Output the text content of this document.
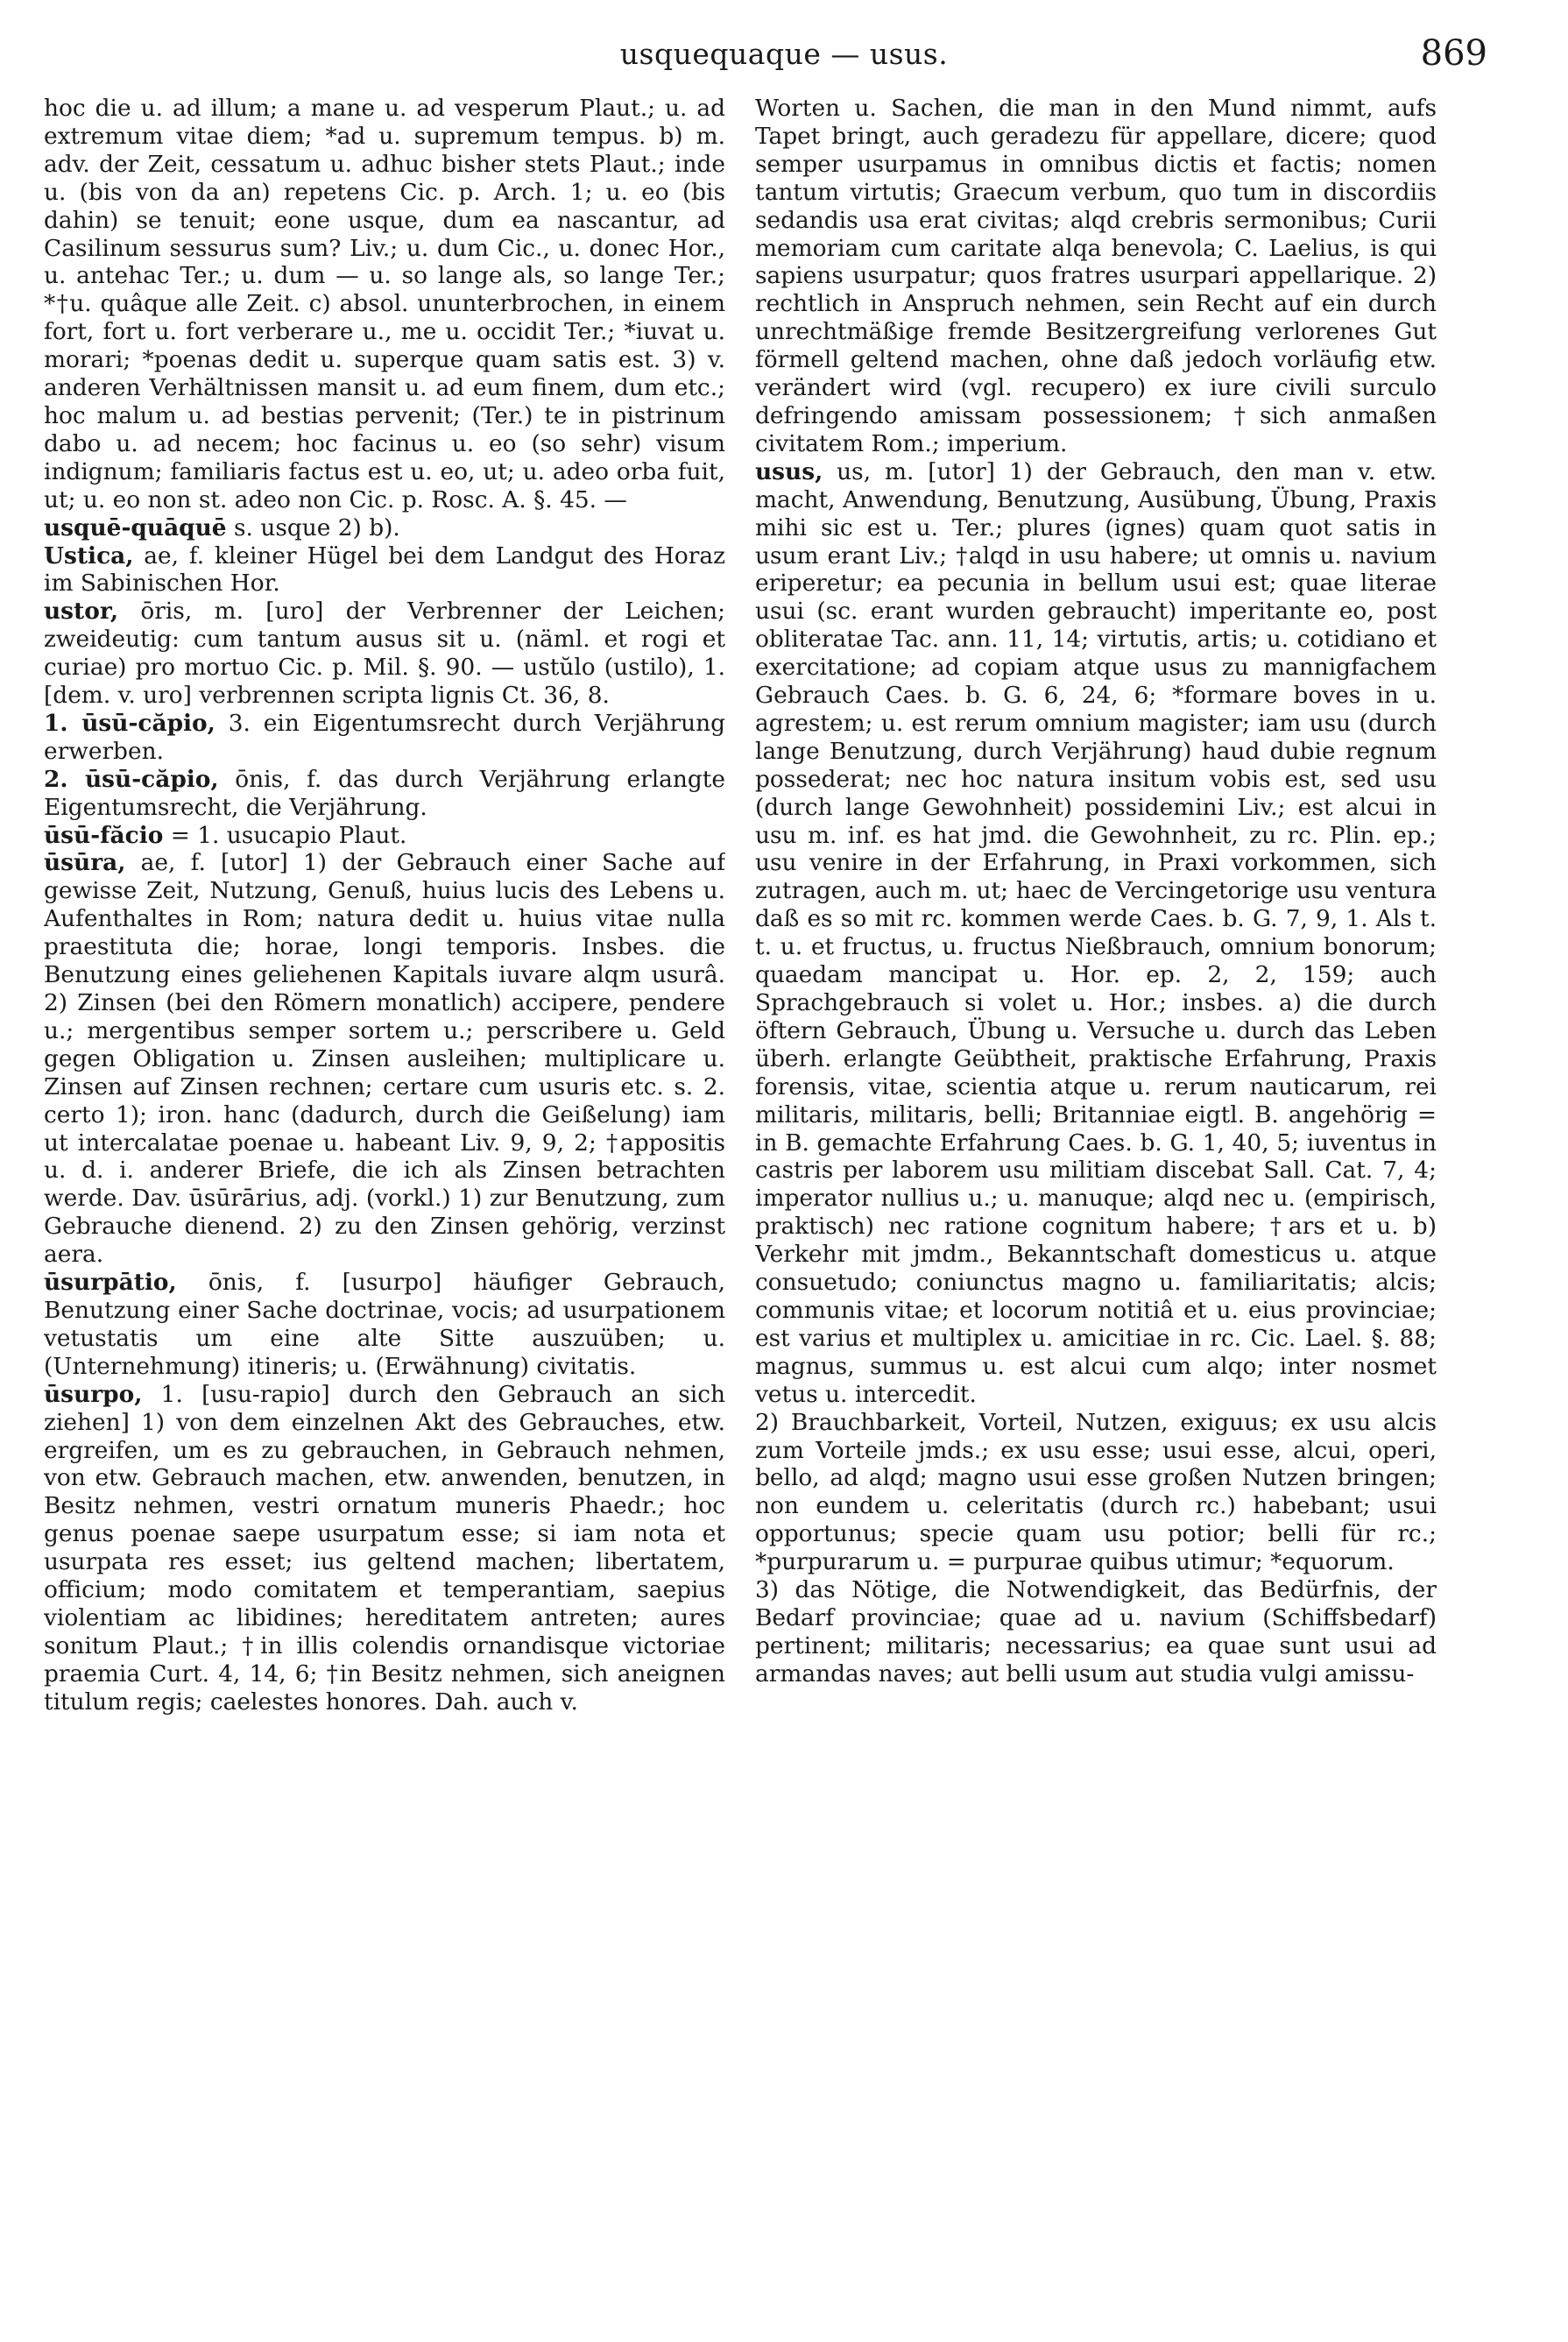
usquequaque — usus.	869

hoc die u. ad illum; a mane u. ad vesperum Plaut.; u. ad extremum vitae diem; *ad u. supremum tempus. b) m. adv. der Zeit, cessatum u. adhuc bisher stets Plaut.; inde u. (bis von da an) repetens Cic. p. Arch. 1; u. eo (bis dahin) se tenuit; eone usque, dum ea nascantur, ad Casilinum sessurus sum? Liv.; u. dum Cic., u. donec Hor., u. antehac Ter.; u. dum — u. so lange als, so lange Ter.; *†u. quâque alle Zeit. c) absol. ununterbrochen, in einem fort, fort u. fort verberare u., me u. occidit Ter.; *iuvat u. morari; *poenas dedit u. superque quam satis est. 3) v. anderen Verhältnissen mansit u. ad eum finem, dum etc.; hoc malum u. ad bestias pervenit; (Ter.) te in pistrinum dabo u. ad necem; hoc facinus u. eo (so sehr) visum indignum; familiaris factus est u. eo, ut; u. adeo orba fuit, ut; u. eo non st. adeo non Cic. p. Rosc. A. §. 45. —

usquē-quāquē s. usque 2) b).

Ustica, ae, f. kleiner Hügel bei dem Landgut des Horaz im Sabinischen Hor.

ustor, ōris, m. [uro] der Verbrenner der Leichen; zweideutig: cum tantum ausus sit u. (näml. et rogi et curiae) pro mortuo Cic. p. Mil. §. 90. — ustŭlo (ustilo), 1. [dem. v. uro] verbrennen scripta lignis Ct. 36, 8.

1. ūsū-căpio, 3. ein Eigentumsrecht durch Verjährung erwerben.

2. ūsū-căpio, ōnis, f. das durch Verjährung erlangte Eigentumsrecht, die Verjährung.

ūsū-făcio = 1. usucapio Plaut.

ūsūra, ae, f. [utor] 1) der Gebrauch einer Sache auf gewisse Zeit, Nutzung, Genuß, huius lucis des Lebens u. Aufenthaltes in Rom; natura dedit u. huius vitae nulla praestituta die; horae, longi temporis. Insbes. die Benutzung eines geliehenen Kapitals iuvare alqm usurâ. 2) Zinsen (bei den Römern monatlich) accipere, pendere u.; mergentibus semper sortem u.; perscribere u. Geld gegen Obligation u. Zinsen ausleihen; multiplicare u. Zinsen auf Zinsen rechnen; certare cum usuris etc. s. 2. certo 1); iron. hanc (dadurch, durch die Geißelung) iam ut intercalatae poenae u. habeant Liv. 9, 9, 2; †appositis u. d. i. anderer Briefe, die ich als Zinsen betrachten werde. Dav. ūsūrārius, adj. (vorkl.) 1) zur Benutzung, zum Gebrauche dienend. 2) zu den Zinsen gehörig, verzinst aera.

ūsurpātio, ōnis, f. [usurpo] häufiger Gebrauch, Benutzung einer Sache doctrinae, vocis; ad usurpationem vetustatis um eine alte Sitte auszuüben; u. (Unternehmung) itineris; u. (Erwähnung) civitatis.

ūsurpo, 1. [usu-rapio] durch den Gebrauch an sich ziehen] 1) von dem einzelnen Akt des Gebrauches, etw. ergreifen, um es zu gebrauchen, in Gebrauch nehmen, von etw. Gebrauch machen, etw. anwenden, benutzen, in Besitz nehmen, vestri ornatum muneris Phaedr.; hoc genus poenae saepe usurpatum esse; si iam nota et usurpata res esset; ius geltend machen; libertatem, officium; modo comitatem et temperantiam, saepius violentiam ac libidines; hereditatem antreten; aures sonitum Plaut.; †in illis colendis ornandisque victoriae praemia Curt. 4, 14, 6; †in Besitz nehmen, sich aneignen titulum regis; caelestes honores. Dah. auch v.

Worten u. Sachen, die man in den Mund nimmt, aufs Tapet bringt, auch geradezu für appellare, dicere; quod semper usurpamus in omnibus dictis et factis; nomen tantum virtutis; Graecum verbum, quo tum in discordiis sedandis usa erat civitas; alqd crebris sermonibus; Curii memoriam cum caritate alqa benevola; C. Laelius, is qui sapiens usurpatur; quos fratres usurpari appellarique. 2) rechtlich in Anspruch nehmen, sein Recht auf ein durch unrechtmäßige fremde Besitzergreifung verlorenes Gut förmell geltend machen, ohne daß jedoch vorläufig etw. verändert wird (vgl. recupero) ex iure civili surculo defringendo amissam possessionem; †sich anmaßen civitatem Rom.; imperium.

usus, us, m. [utor] 1) der Gebrauch, den man v. etw. macht, Anwendung, Benutzung, Ausübung, Übung, Praxis mihi sic est u. Ter.; plures (ignes) quam quot satis in usum erant Liv.; †alqd in usu habere; ut omnis u. navium eriperetur; ea pecunia in bellum usui est; quae literae usui (sc. erant wurden gebraucht) imperitante eo, post obliteratae Tac. ann. 11, 14; virtutis, artis; u. cotidiano et exercitatione; ad copiam atque usus zu mannigfachem Gebrauch Caes. b. G. 6, 24, 6; *formare boves in u. agrestem; u. est rerum omnium magister; iam usu (durch lange Benutzung, durch Verjährung) haud dubie regnum possederat; nec hoc natura insitum vobis est, sed usu (durch lange Gewohnheit) possidemini Liv.; est alcui in usu m. inf. es hat jmd. die Gewohnheit, zu rc. Plin. ep.; usu venire in der Erfahrung, in Praxi vorkommen, sich zutragen, auch m. ut; haec de Vercingetorige usu ventura daß es so mit rc. kommen werde Caes. b. G. 7, 9, 1. Als t. t. u. et fructus, u. fructus Nießbrauch, omnium bonorum; quaedam mancipat u. Hor. ep. 2, 2, 159; auch Sprachgebrauch si volet u. Hor.; insbes. a) die durch öftern Gebrauch, Übung u. Versuche u. durch das Leben überh. erlangte Geübtheit, praktische Erfahrung, Praxis forensis, vitae, scientia atque u. rerum nauticarum, rei militaris, militaris, belli; Britanniae eigtl. B. angehörig = in B. gemachte Erfahrung Caes. b. G. 1, 40, 5; iuventus in castris per laborem usu militiam discebat Sall. Cat. 7, 4; imperator nullius u.; u. manuque; alqd nec u. (empirisch, praktisch) nec ratione cognitum habere; †ars et u. b) Verkehr mit jmdm., Bekanntschaft domesticus u. atque consuetudo; coniunctus magno u. familiaritatis; alcis; communis vitae; et locorum notitiâ et u. eius provinciae; est varius et multiplex u. amicitiae in rc. Cic. Lael. §. 88; magnus, summus u. est alcui cum alqo; inter nosmet vetus u. intercedit.

2) Brauchbarkeit, Vorteil, Nutzen, exiguus; ex usu alcis zum Vorteile jmds.; ex usu esse; usui esse, alcui, operi, bello, ad alqd; magno usui esse großen Nutzen bringen; non eundem u. celeritatis (durch rc.) habebant; usui opportunus; specie quam usu potior; belli für rc.; *purpurarum u. = purpurae quibus utimur; *equorum.

3) das Nötige, die Notwendigkeit, das Bedürfnis, der Bedarf provinciae; quae ad u. navium (Schiffsbedarf) pertinent; militaris; necessarius; ea quae sunt usui ad armandas naves; aut belli usum aut studia vulgi amissu-
